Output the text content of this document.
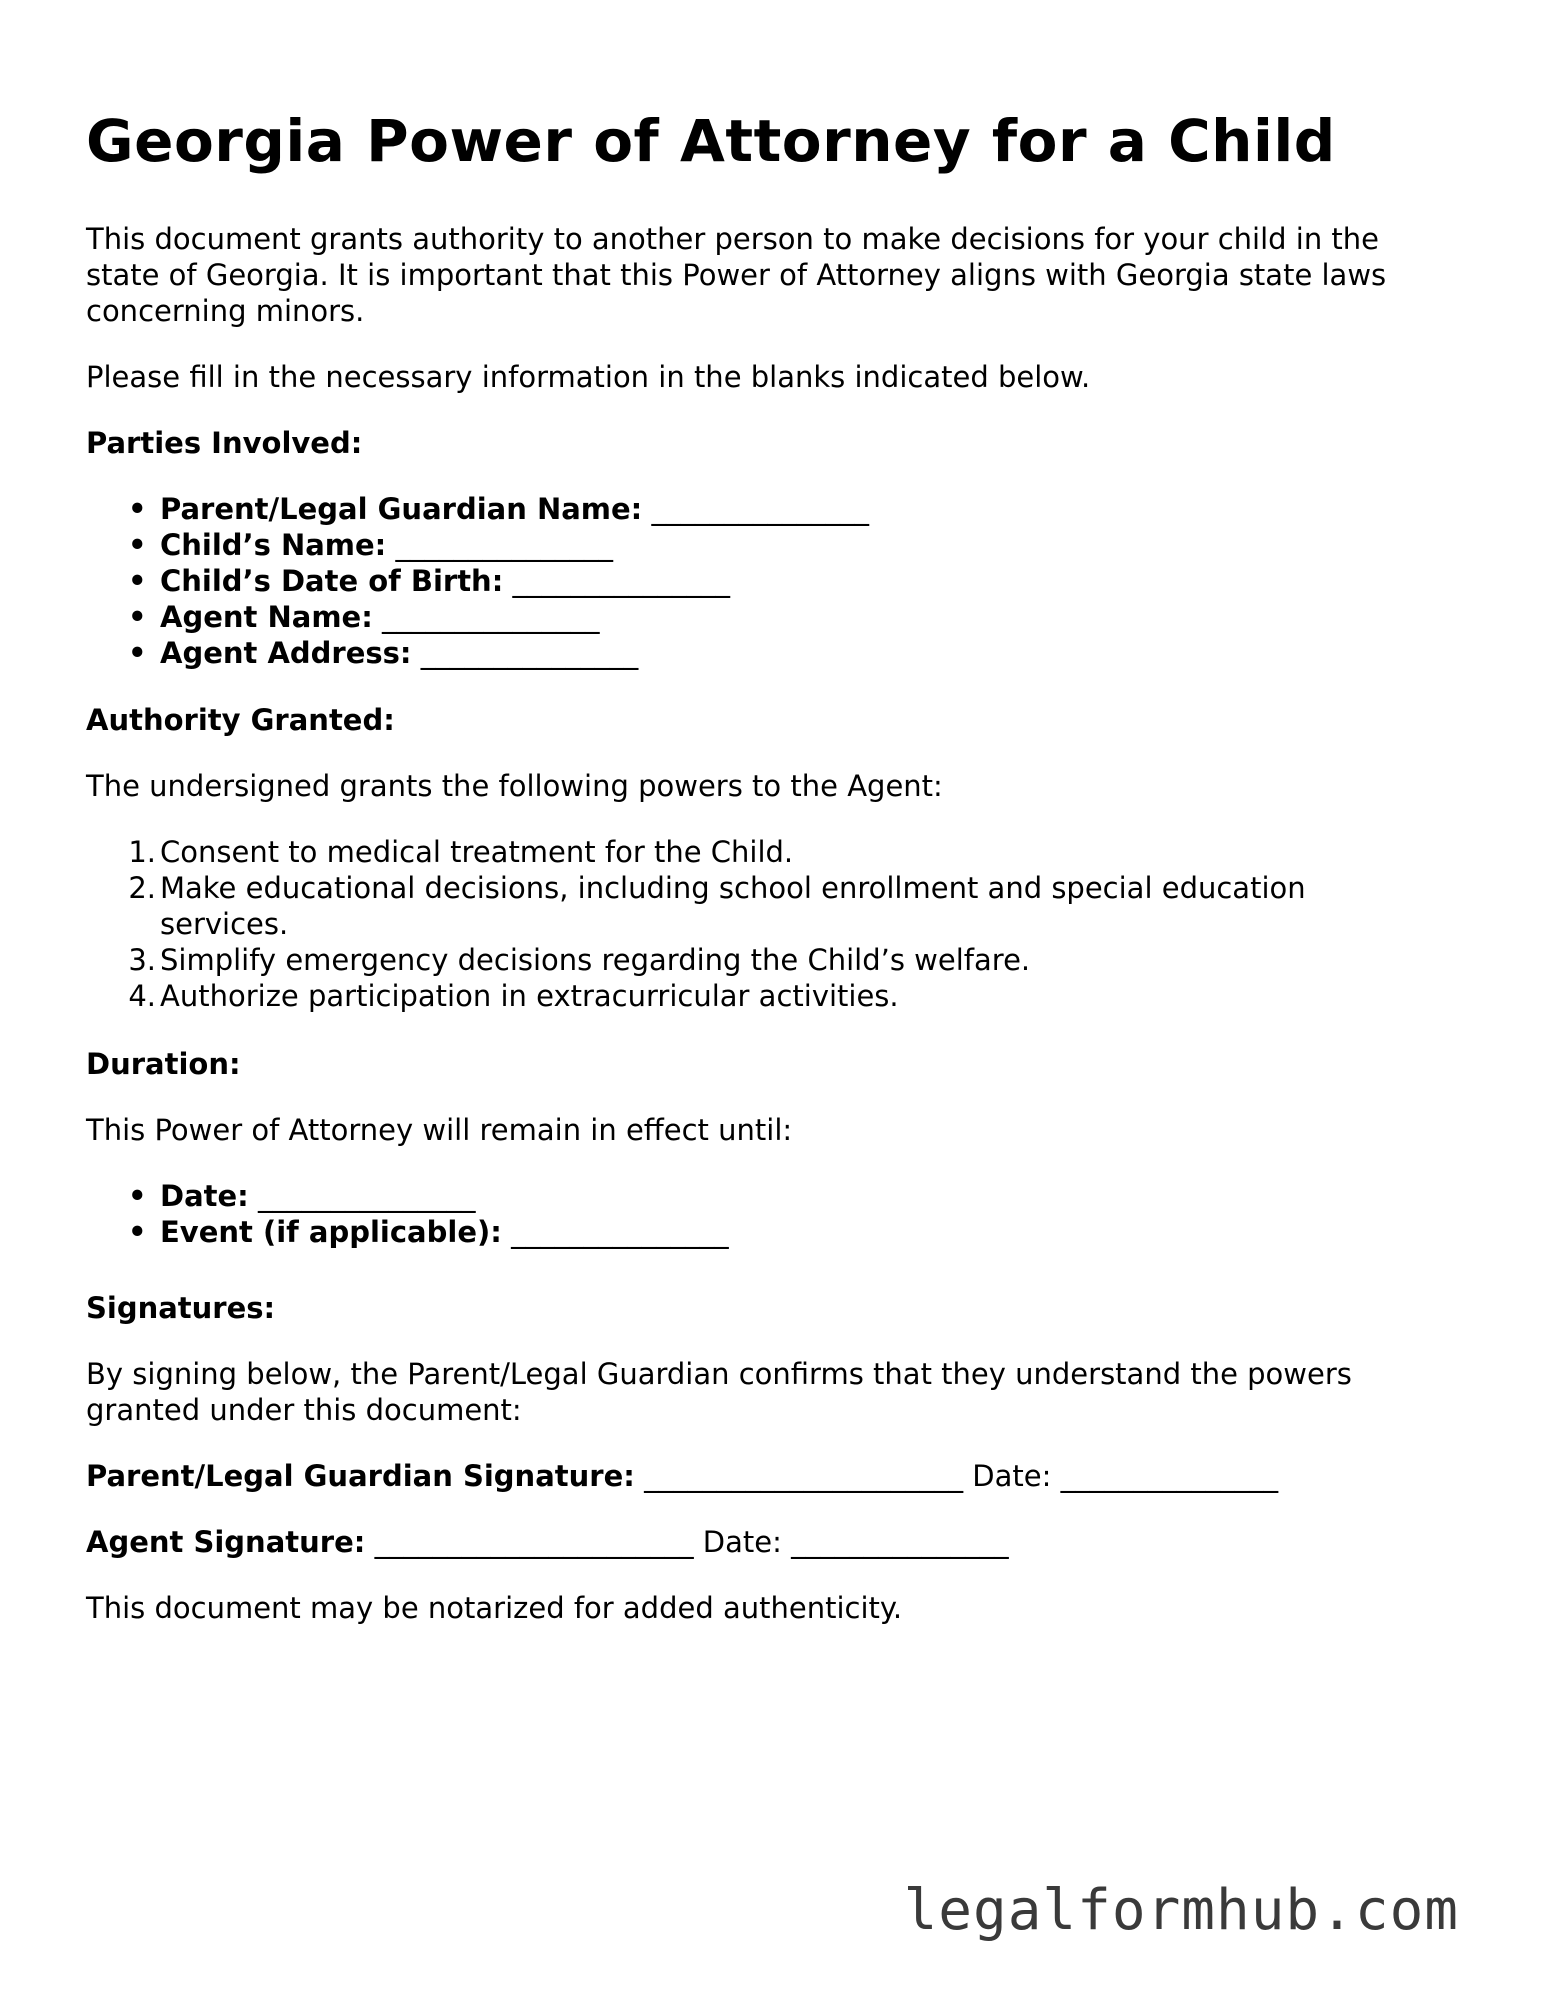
Georgia Power of Attorney for a Child

This document grants authority to another person to make decisions for your child in the state of Georgia. It is important that this Power of Attorney aligns with Georgia state laws concerning minors.

Please fill in the necessary information in the blanks indicated below.

Parties Involved:

• Parent/Legal Guardian Name: _______________
• Child’s Name: _______________
• Child’s Date of Birth: _______________
• Agent Name: _______________
• Agent Address: _______________

Authority Granted:

The undersigned grants the following powers to the Agent:

1. Consent to medical treatment for the Child.
2. Make educational decisions, including school enrollment and special education services.
3. Simplify emergency decisions regarding the Child’s welfare.
4. Authorize participation in extracurricular activities.

Duration:

This Power of Attorney will remain in effect until:

• Date: _______________
• Event (if applicable): _______________

Signatures:

By signing below, the Parent/Legal Guardian confirms that they understand the powers granted under this document:

Parent/Legal Guardian Signature: ______________________ Date: _______________

Agent Signature: ______________________ Date: _______________

This document may be notarized for added authenticity.

legalformhub.com
